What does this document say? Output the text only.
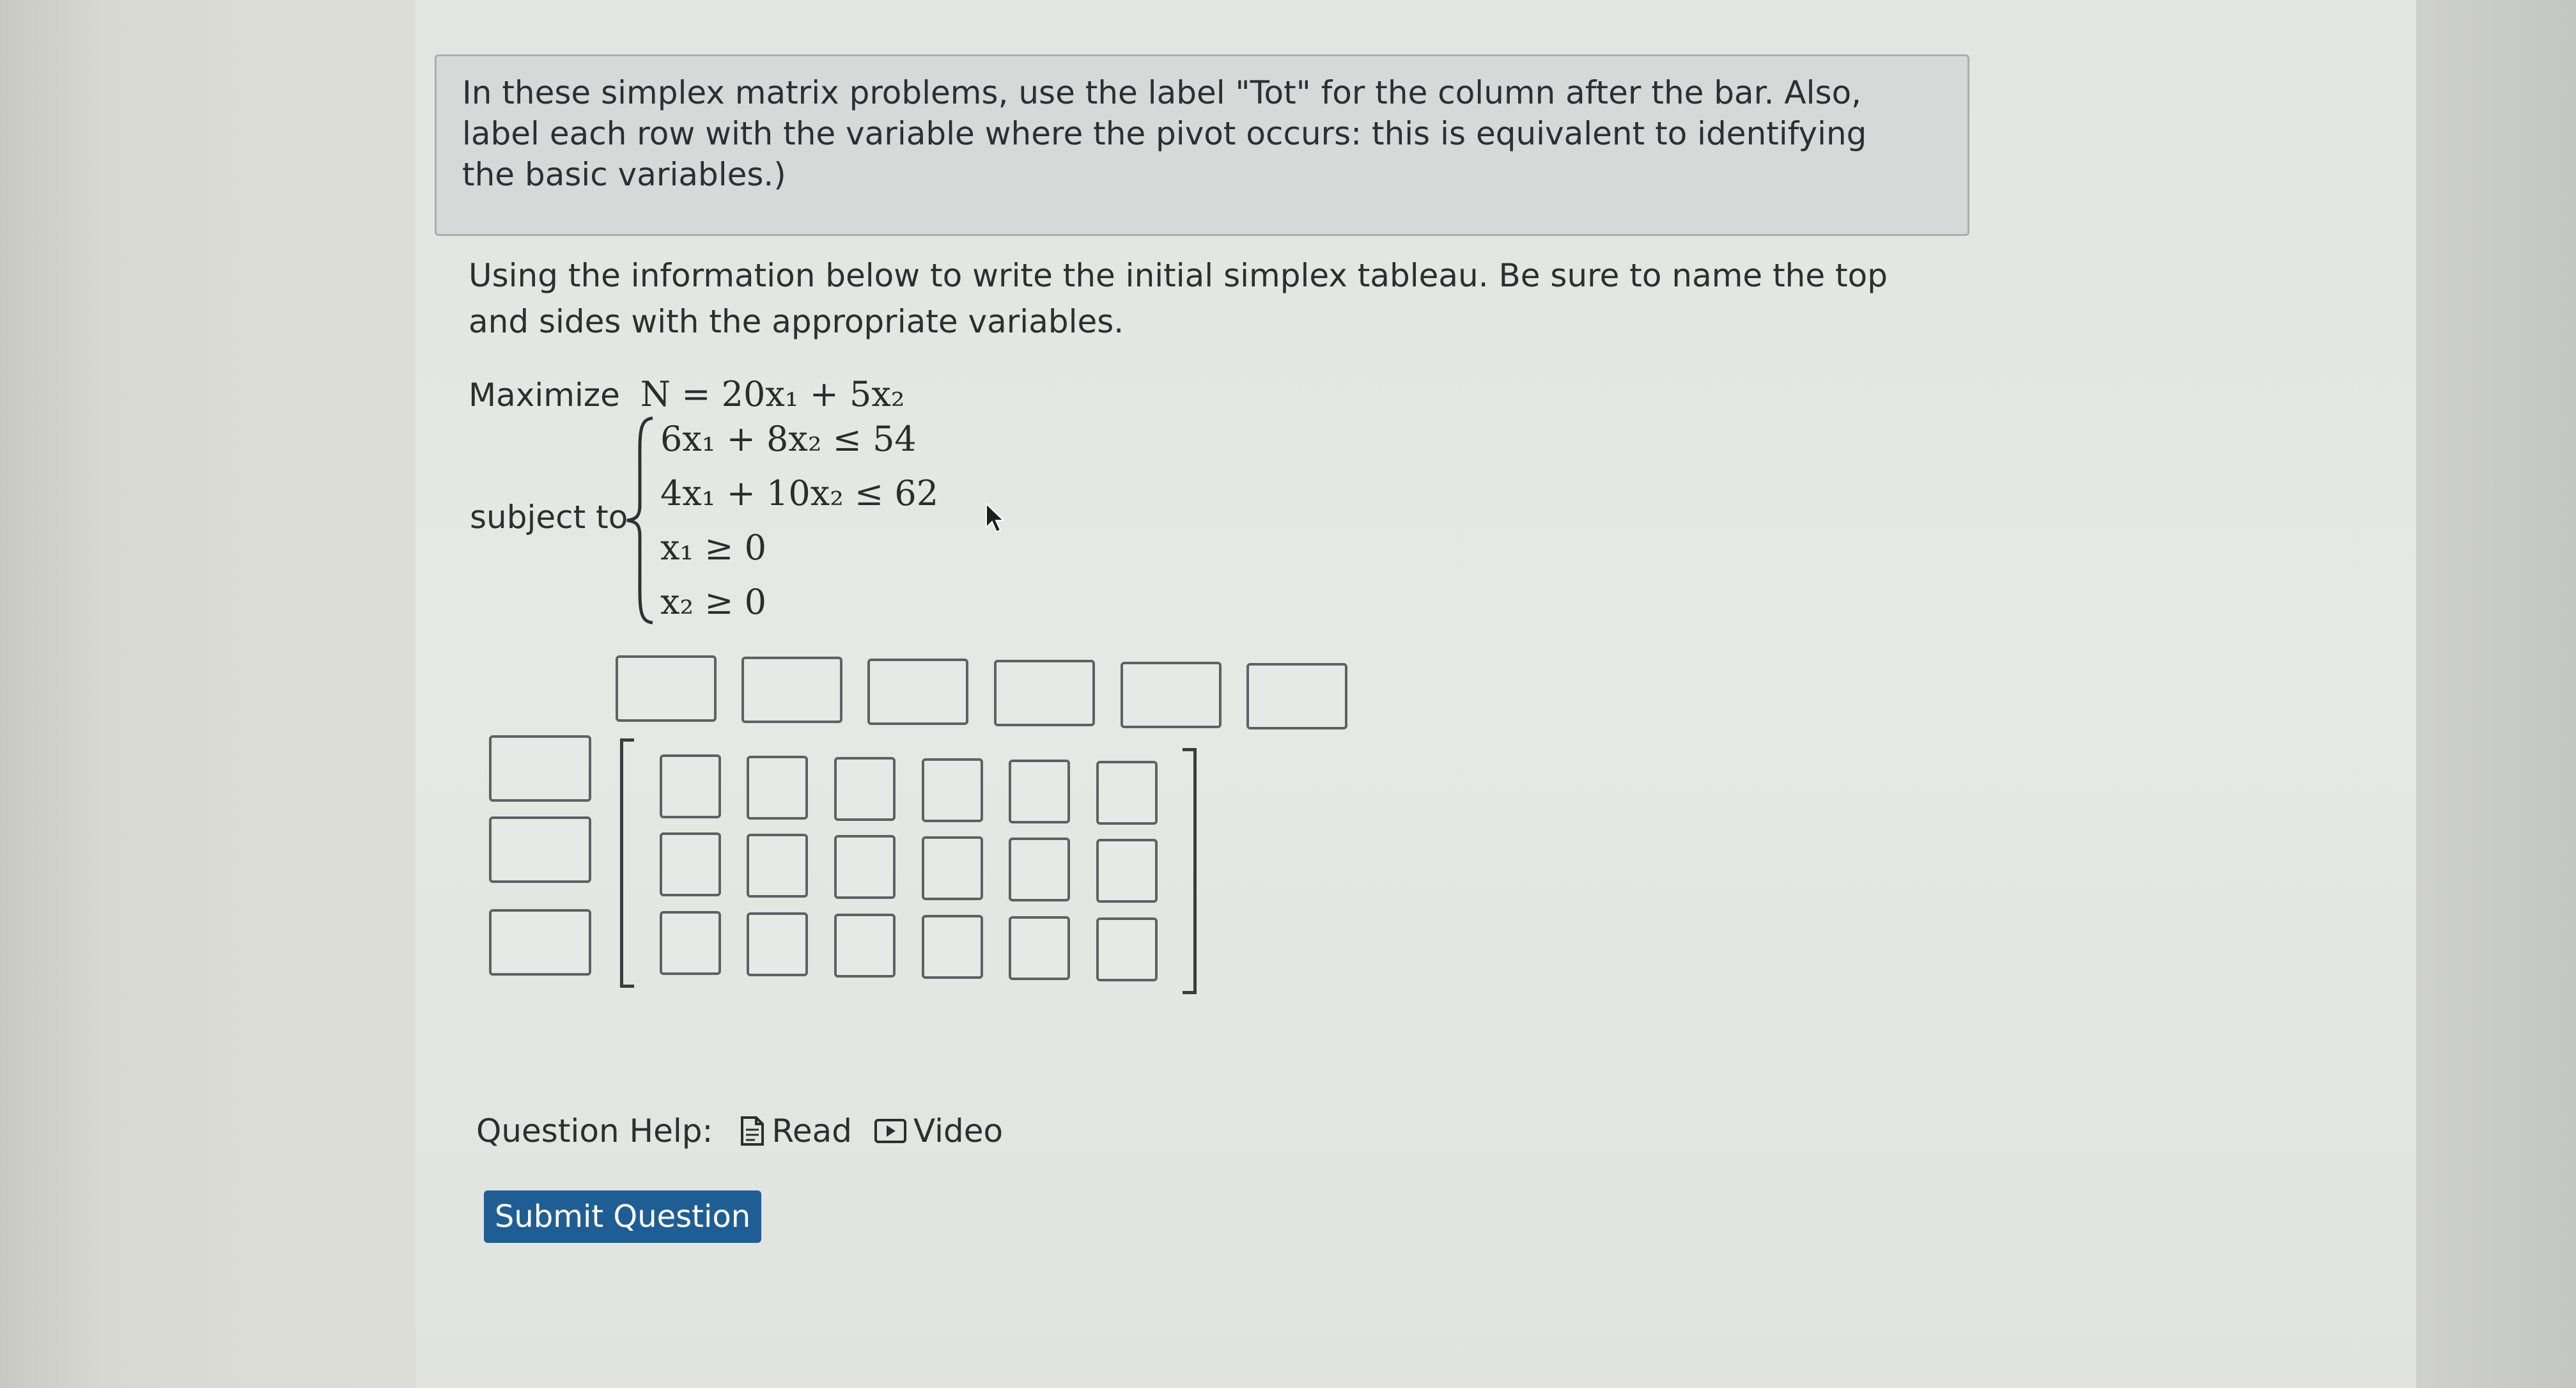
In these simplex matrix problems, use the label "Tot" for the column after the bar. Also, label each row with the variable where the pivot occurs: this is equivalent to identifying the basic variables.)
Using the information below to write the initial simplex tableau. Be sure to name the top and sides with the appropriate variables.
Maximize N = 20x₁ + 5x₂
subject to
6x₁ + 8x₂ ≤ 54
4x₁ + 10x₂ ≤ 62
x₁ ≥ 0
x₂ ≥ 0
Question Help: Read Video
Submit Question
